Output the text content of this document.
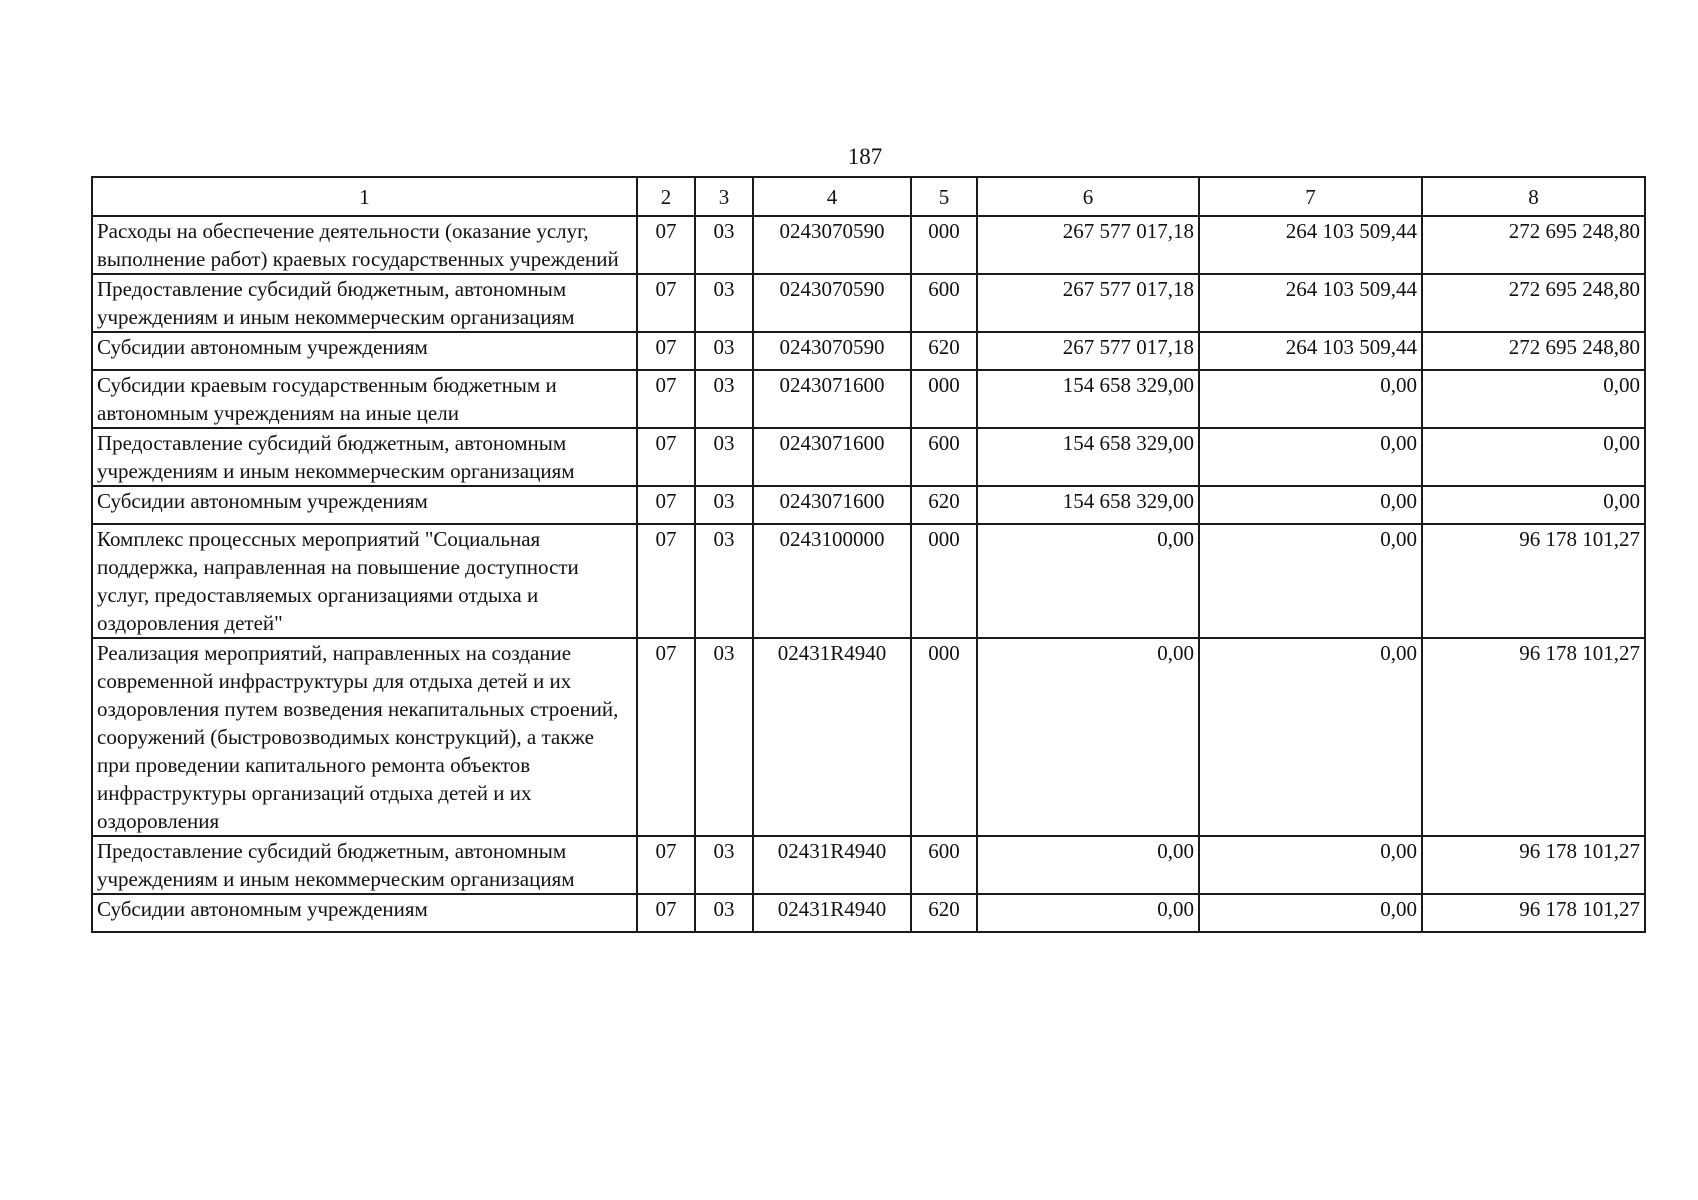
187
1	2	3	4	5	6	7	8
Расходы на обеспечение деятельности (оказание услуг, выполнение работ) краевых государственных учреждений	07	03	0243070590	000	267 577 017,18	264 103 509,44	272 695 248,80
Предоставление субсидий бюджетным, автономным учреждениям и иным некоммерческим организациям	07	03	0243070590	600	267 577 017,18	264 103 509,44	272 695 248,80
Субсидии автономным учреждениям	07	03	0243070590	620	267 577 017,18	264 103 509,44	272 695 248,80
Субсидии краевым государственным бюджетным и автономным учреждениям на иные цели	07	03	0243071600	000	154 658 329,00	0,00	0,00
Предоставление субсидий бюджетным, автономным учреждениям и иным некоммерческим организациям	07	03	0243071600	600	154 658 329,00	0,00	0,00
Субсидии автономным учреждениям	07	03	0243071600	620	154 658 329,00	0,00	0,00
Комплекс процессных мероприятий "Социальная поддержка, направленная на повышение доступности услуг, предоставляемых организациями отдыха и оздоровления детей"	07	03	0243100000	000	0,00	0,00	96 178 101,27
Реализация мероприятий, направленных на создание современной инфраструктуры для отдыха детей и их оздоровления путем возведения некапитальных строений, сооружений (быстровозводимых конструкций), а также при проведении капитального ремонта объектов инфраструктуры организаций отдыха детей и их оздоровления	07	03	02431R4940	000	0,00	0,00	96 178 101,27
Предоставление субсидий бюджетным, автономным учреждениям и иным некоммерческим организациям	07	03	02431R4940	600	0,00	0,00	96 178 101,27
Субсидии автономным учреждениям	07	03	02431R4940	620	0,00	0,00	96 178 101,27
